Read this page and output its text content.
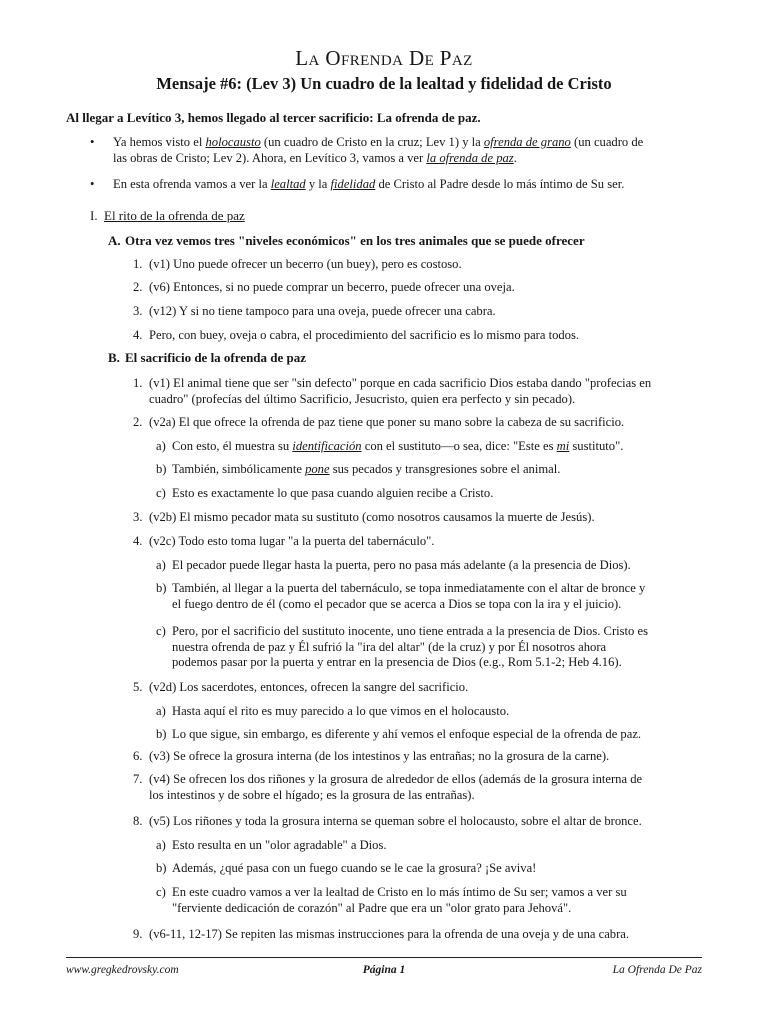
La Ofrenda De Paz
Mensaje #6: (Lev 3) Un cuadro de la lealtad y fidelidad de Cristo
Al llegar a Levítico 3, hemos llegado al tercer sacrificio: La ofrenda de paz.
• Ya hemos visto el holocausto (un cuadro de Cristo en la cruz; Lev 1) y la ofrenda de grano (un cuadro de
las obras de Cristo; Lev 2). Ahora, en Levítico 3, vamos a ver la ofrenda de paz.
• En esta ofrenda vamos a ver la lealtad y la fidelidad de Cristo al Padre desde lo más íntimo de Su ser.
I. El rito de la ofrenda de paz
A. Otra vez vemos tres "niveles económicos" en los tres animales que se puede ofrecer
1. (v1) Uno puede ofrecer un becerro (un buey), pero es costoso.
2. (v6) Entonces, si no puede comprar un becerro, puede ofrecer una oveja.
3. (v12) Y si no tiene tampoco para una oveja, puede ofrecer una cabra.
4. Pero, con buey, oveja o cabra, el procedimiento del sacrificio es lo mismo para todos.
B. El sacrificio de la ofrenda de paz
1. (v1) El animal tiene que ser "sin defecto" porque en cada sacrificio Dios estaba dando "profecias en
cuadro" (profecías del último Sacrificio, Jesucristo, quien era perfecto y sin pecado).
2. (v2a) El que ofrece la ofrenda de paz tiene que poner su mano sobre la cabeza de su sacrificio.
a) Con esto, él muestra su identificación con el sustituto—o sea, dice: "Este es mi sustituto".
b) También, simbólicamente pone sus pecados y transgresiones sobre el animal.
c) Esto es exactamente lo que pasa cuando alguien recibe a Cristo.
3. (v2b) El mismo pecador mata su sustituto (como nosotros causamos la muerte de Jesús).
4. (v2c) Todo esto toma lugar "a la puerta del tabernáculo".
a) El pecador puede llegar hasta la puerta, pero no pasa más adelante (a la presencia de Dios).
b) También, al llegar a la puerta del tabernáculo, se topa inmediatamente con el altar de bronce y
el fuego dentro de él (como el pecador que se acerca a Dios se topa con la ira y el juicio).
c) Pero, por el sacrificio del sustituto inocente, uno tiene entrada a la presencia de Dios. Cristo es
nuestra ofrenda de paz y Él sufrió la "ira del altar" (de la cruz) y por Él nosotros ahora
podemos pasar por la puerta y entrar en la presencia de Dios (e.g., Rom 5.1-2; Heb 4.16).
5. (v2d) Los sacerdotes, entonces, ofrecen la sangre del sacrificio.
a) Hasta aquí el rito es muy parecido a lo que vimos en el holocausto.
b) Lo que sigue, sin embargo, es diferente y ahí vemos el enfoque especial de la ofrenda de paz.
6. (v3) Se ofrece la grosura interna (de los intestinos y las entrañas; no la grosura de la carne).
7. (v4) Se ofrecen los dos riñones y la grosura de alrededor de ellos (además de la grosura interna de
los intestinos y de sobre el hígado; es la grosura de las entrañas).
8. (v5) Los riñones y toda la grosura interna se queman sobre el holocausto, sobre el altar de bronce.
a) Esto resulta en un "olor agradable" a Dios.
b) Además, ¿qué pasa con un fuego cuando se le cae la grosura? ¡Se aviva!
c) En este cuadro vamos a ver la lealtad de Cristo en lo más íntimo de Su ser; vamos a ver su
"ferviente dedicación de corazón" al Padre que era un "olor grato para Jehová".
9. (v6-11, 12-17) Se repiten las mismas instrucciones para la ofrenda de una oveja y de una cabra.
www.gregkedrovsky.com	Página 1	La Ofrenda De Paz
